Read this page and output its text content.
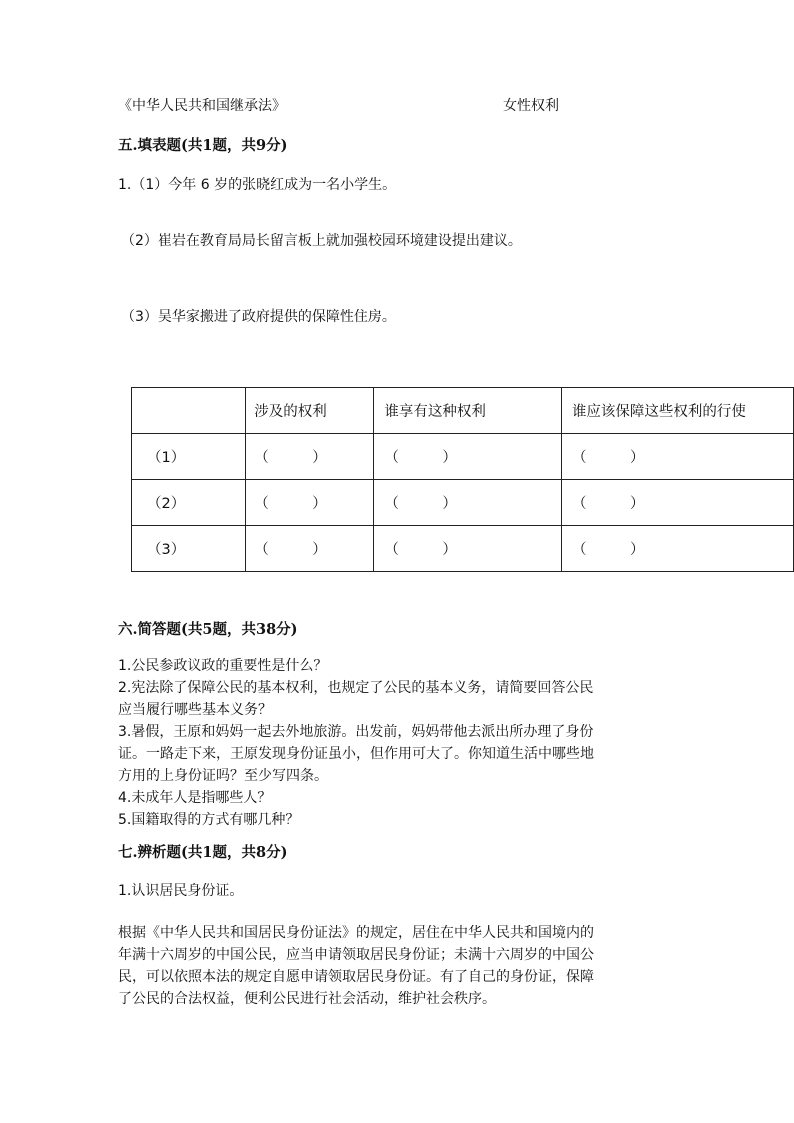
《中华人民共和国继承法》	女性权利
五.填表题(共1题，共9分)
1.（1）今年 6 岁的张晓红成为一名小学生。
（2）崔岩在教育局局长留言板上就加强校园环境建设提出建议。
（3）吴华家搬进了政府提供的保障性住房。
	涉及的权利	谁享有这种权利	谁应该保障这些权利的行使
（1）	（ ）	（ ）	（ ）
（2）	（ ）	（ ）	（ ）
（3）	（ ）	（ ）	（ ）
六.简答题(共5题，共38分)
1.公民参政议政的重要性是什么？
2.宪法除了保障公民的基本权利，也规定了公民的基本义务，请简要回答公民
应当履行哪些基本义务？
3.暑假，王原和妈妈一起去外地旅游。出发前，妈妈带他去派出所办理了身份
证。一路走下来，王原发现身份证虽小，但作用可大了。你知道生活中哪些地
方用的上身份证吗？至少写四条。
4.未成年人是指哪些人？
5.国籍取得的方式有哪几种？
七.辨析题(共1题，共8分)
1.认识居民身份证。
根据《中华人民共和国居民身份证法》的规定，居住在中华人民共和国境内的
年满十六周岁的中国公民，应当申请领取居民身份证；未满十六周岁的中国公
民，可以依照本法的规定自愿申请领取居民身份证。有了自己的身份证，保障
了公民的合法权益，便利公民进行社会活动，维护社会秩序。
